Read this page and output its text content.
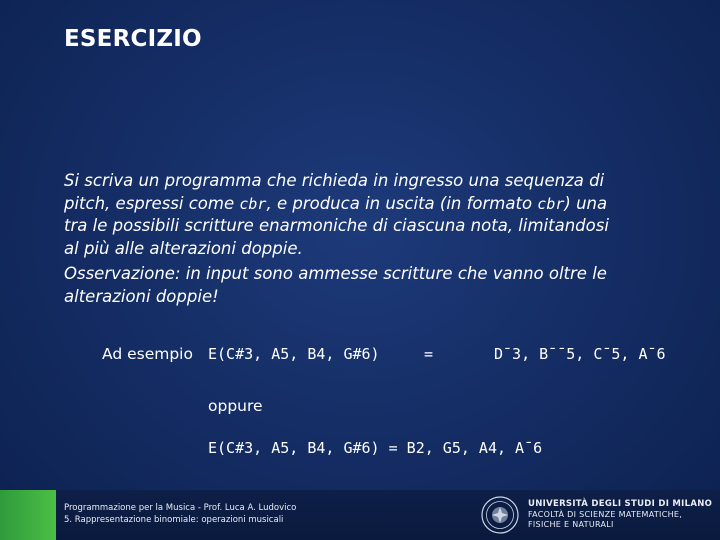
ESERCIZIO
Si scriva un programma che richieda in ingresso una sequenza di
pitch, espressi come cbr, e produca in uscita (in formato cbr) una
tra le possibili scritture enarmoniche di ciascuna nota, limitandosi
al più alle alterazioni doppie.
Osservazione: in input sono ammesse scritture che vanno oltre le
alterazioni doppie!
Ad esempio E(C#3, A5, B4, G#6)	=	D¯3, B¯¯5, C¯5, A¯6
oppure
E(C#3, A5, B4, G#6) = B2, G5, A4, A¯6
Programmazione per la Musica - Prof. Luca A. Ludovico
5. Rappresentazione binomiale: operazioni musicali
UNIVERSITÀ DEGLI STUDI DI MILANO
FACOLTÀ DI SCIENZE MATEMATICHE,
FISICHE E NATURALI
